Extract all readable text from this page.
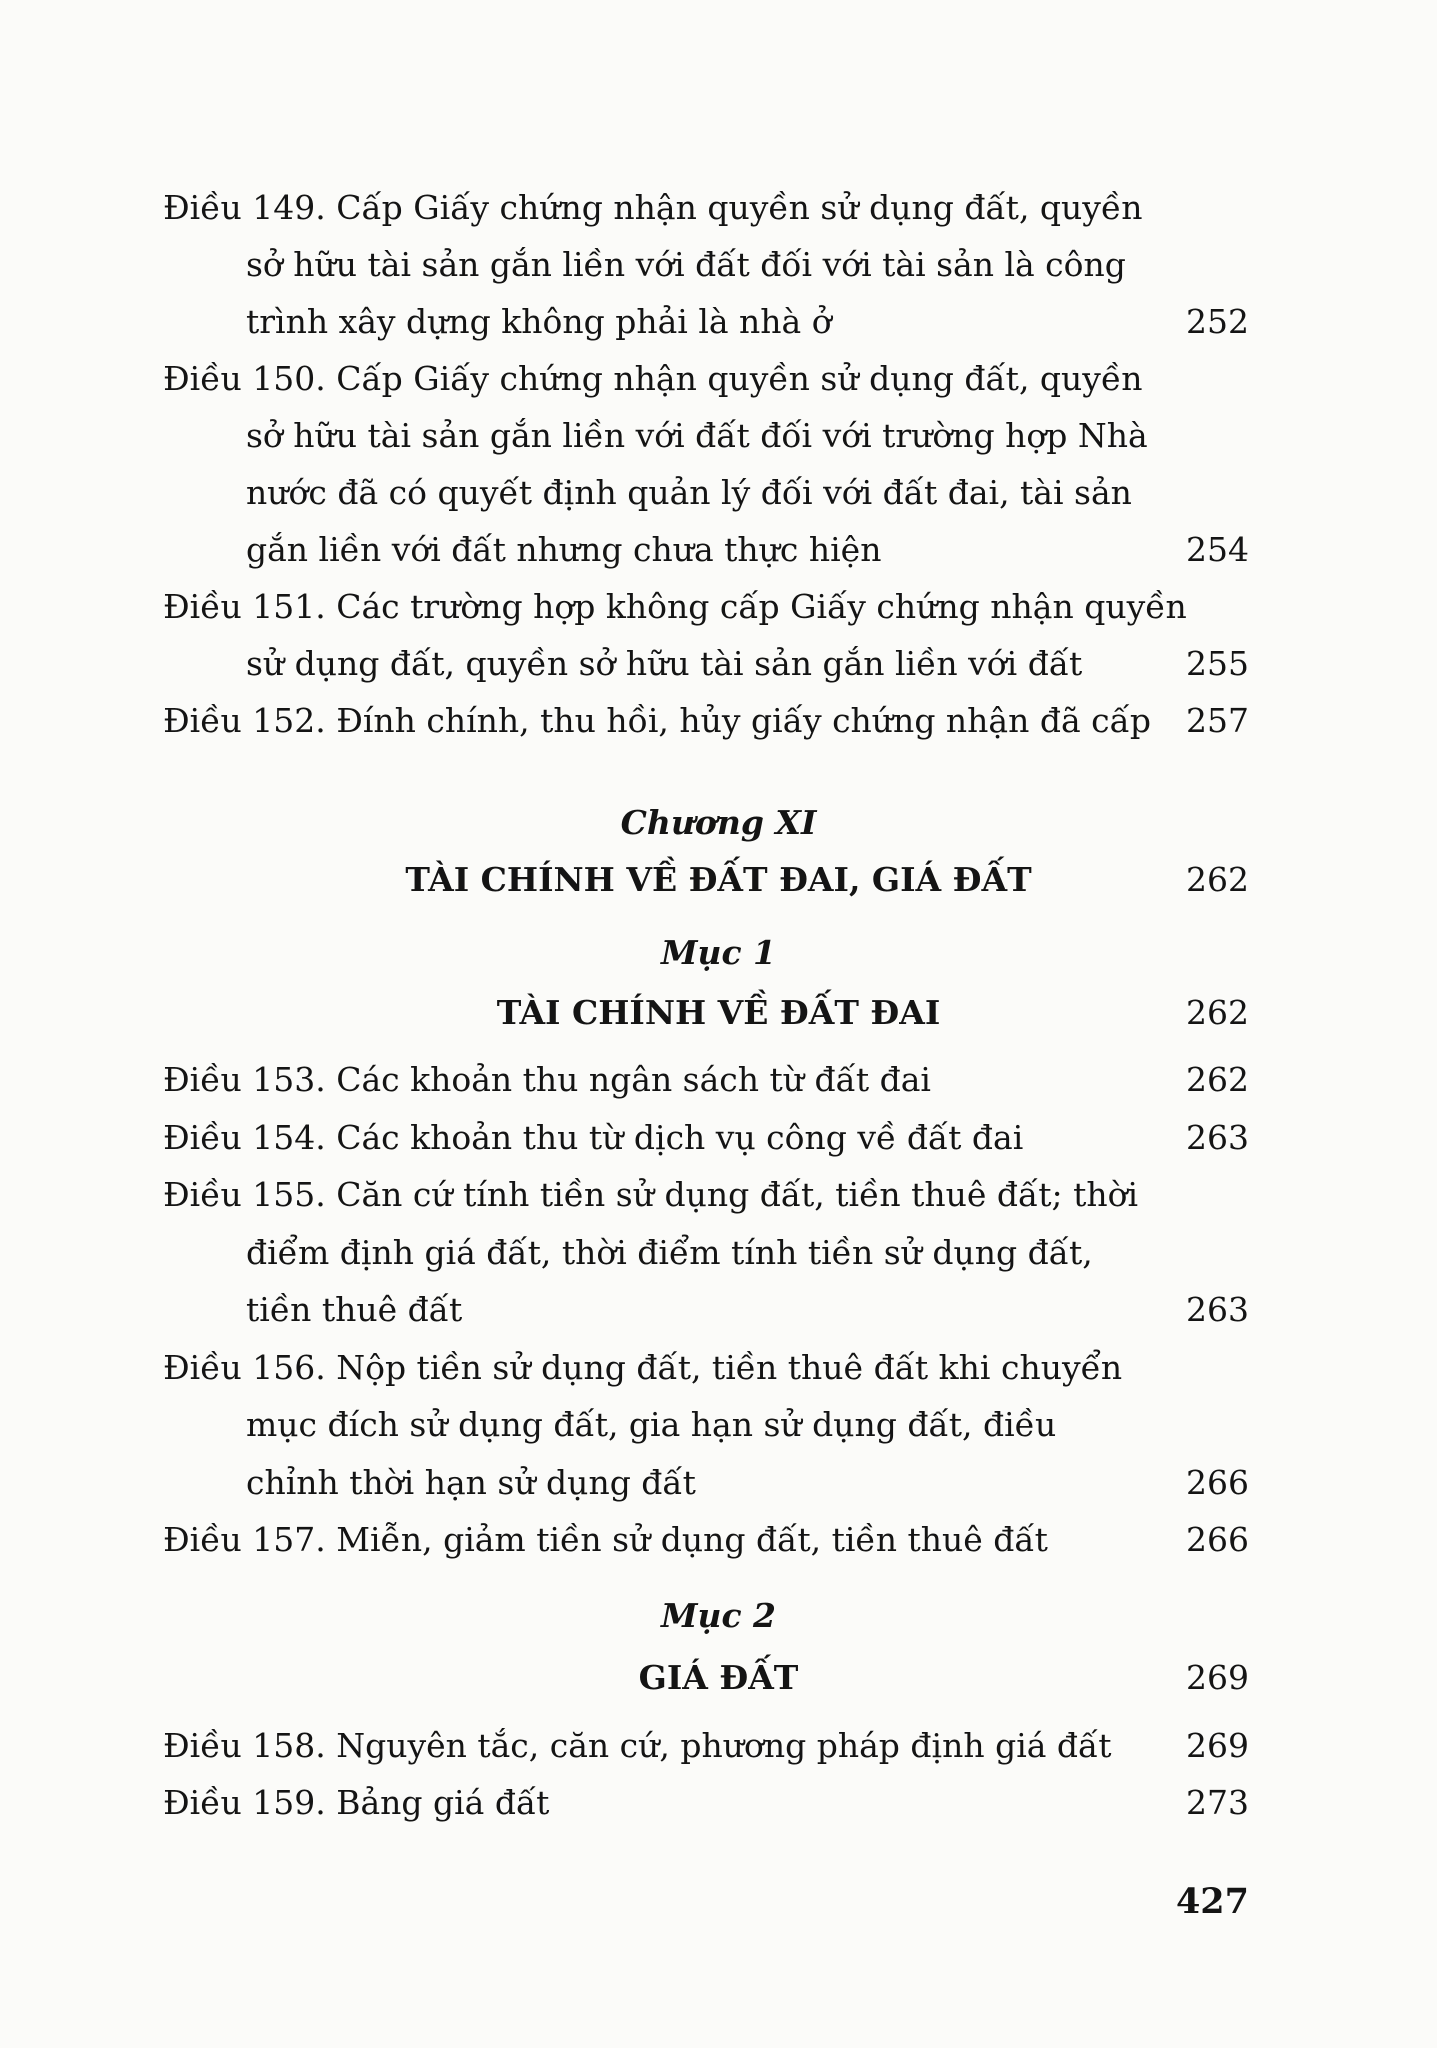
Điều 149. Cấp Giấy chứng nhận quyền sử dụng đất, quyền
sở hữu tài sản gắn liền với đất đối với tài sản là công
trình xây dựng không phải là nhà ở	252
Điều 150. Cấp Giấy chứng nhận quyền sử dụng đất, quyền
sở hữu tài sản gắn liền với đất đối với trường hợp Nhà
nước đã có quyết định quản lý đối với đất đai, tài sản
gắn liền với đất nhưng chưa thực hiện	254
Điều 151. Các trường hợp không cấp Giấy chứng nhận quyền
sử dụng đất, quyền sở hữu tài sản gắn liền với đất	255
Điều 152. Đính chính, thu hồi, hủy giấy chứng nhận đã cấp 257
Chương XI
TÀI CHÍNH VỀ ĐẤT ĐAI, GIÁ ĐẤT	262
Mục 1
TÀI CHÍNH VỀ ĐẤT ĐAI	262
Điều 153. Các khoản thu ngân sách từ đất đai	262
Điều 154. Các khoản thu từ dịch vụ công về đất đai	263
Điều 155. Căn cứ tính tiền sử dụng đất, tiền thuê đất; thời
điểm định giá đất, thời điểm tính tiền sử dụng đất,
tiền thuê đất	263
Điều 156. Nộp tiền sử dụng đất, tiền thuê đất khi chuyển
mục đích sử dụng đất, gia hạn sử dụng đất, điều
chỉnh thời hạn sử dụng đất	266
Điều 157. Miễn, giảm tiền sử dụng đất, tiền thuê đất	266
Mục 2
GIÁ ĐẤT	269
Điều 158. Nguyên tắc, căn cứ, phương pháp định giá đất 269
Điều 159. Bảng giá đất	273
427
